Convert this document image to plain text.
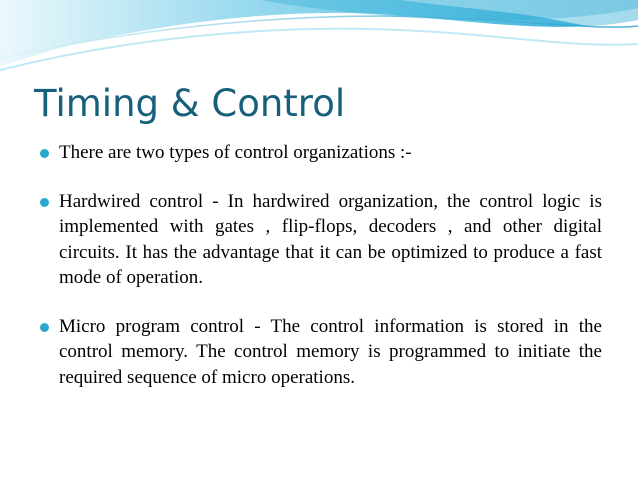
Timing & Control
There are two types of control organizations :-
Hardwired control - In hardwired organization, the control logic is implemented with gates , flip-flops, decoders , and other digital circuits. It has the advantage that it can be optimized to produce a fast mode of operation.
Micro program control - The control information is stored in the control memory. The control memory is programmed to initiate the required sequence of micro operations.
